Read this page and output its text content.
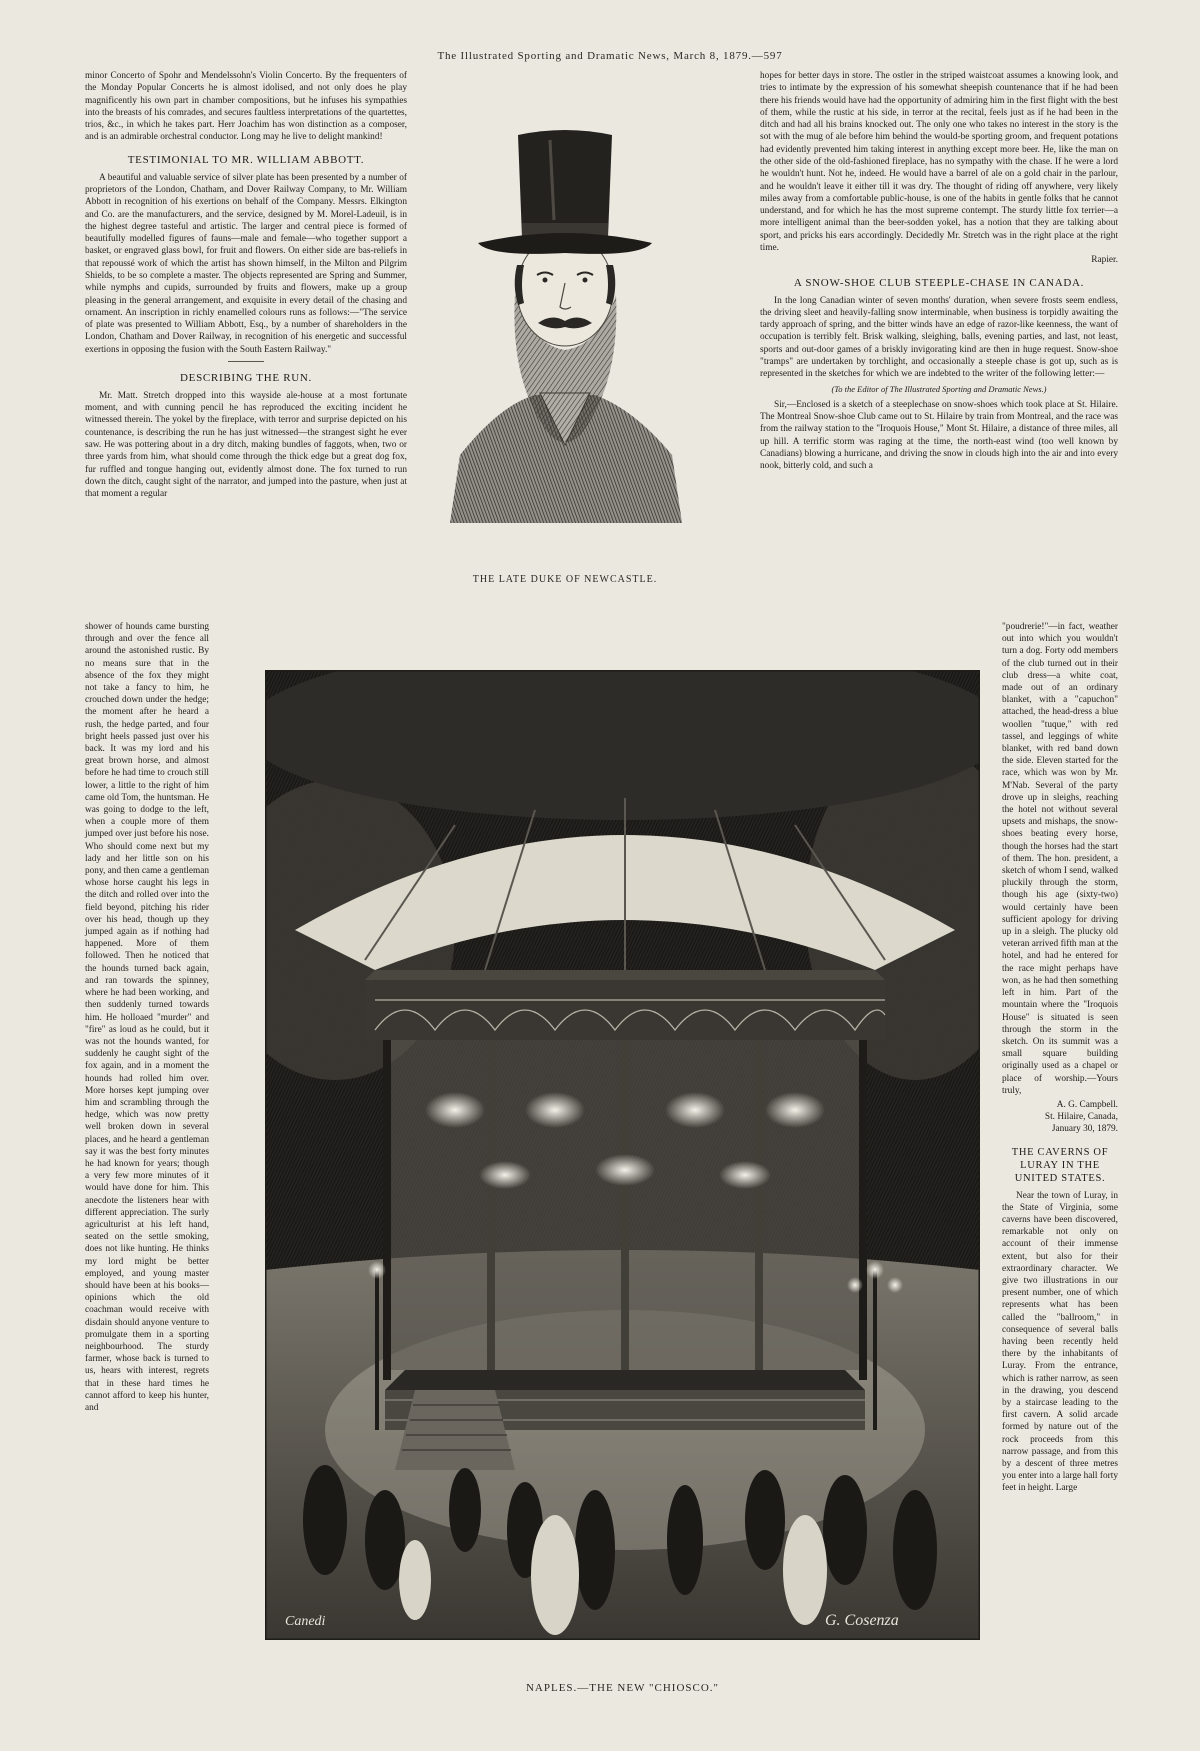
The Illustrated Sporting and Dramatic News, March 8, 1879.—597

minor Concerto of Spohr and Mendelssohn's Violin Concerto. By the frequenters of the Monday Popular Concerts he is almost idolised, and not only does he play magnificently his own part in chamber compositions, but he infuses his sympathies into the breasts of his comrades, and secures faultless interpretations of the quartettes, trios, &c., in which he takes part. Herr Joachim has won distinction as a composer, and is an admirable orchestral conductor. Long may he live to delight mankind!

TESTIMONIAL TO MR. WILLIAM ABBOTT.

A beautiful and valuable service of silver plate has been presented by a number of proprietors of the London, Chatham, and Dover Railway Company, to Mr. William Abbott in recognition of his exertions on behalf of the Company. Messrs. Elkington and Co. are the manufacturers, and the service, designed by M. Morel-Ladeuil, is in the highest degree tasteful and artistic. The larger and central piece is formed of beautifully modelled figures of fauns—male and female—who together support a basket, or engraved glass bowl, for fruit and flowers. On either side are bas-reliefs in that repoussé work of which the artist has shown himself, in the Milton and Pilgrim Shields, to be so complete a master. The objects represented are Spring and Summer, while nymphs and cupids, surrounded by fruits and flowers, make up a group pleasing in the general arrangement, and exquisite in every detail of the chasing and ornament. An inscription in richly enamelled colours runs as follows:—"The service of plate was presented to William Abbott, Esq., by a number of shareholders in the London, Chatham and Dover Railway, in recognition of his energetic and successful exertions in opposing the fusion with the South Eastern Railway."

DESCRIBING THE RUN.

Mr. Matt. Stretch dropped into this wayside ale-house at a most fortunate moment, and with cunning pencil he has reproduced the exciting incident he witnessed therein. The yokel by the fireplace, with terror and surprise depicted on his countenance, is describing the run he has just witnessed—the strangest sight he ever saw. He was pottering about in a dry ditch, making bundles of faggots, when, two or three yards from him, what should come through the thick edge but a great dog fox, fur ruffled and tongue hanging out, evidently almost done. The fox turned to run down the ditch, caught sight of the narrator, and jumped into the pasture, when just at that moment a regular

shower of hounds came bursting through and over the fence all around the astonished rustic. By no means sure that in the absence of the fox they might not take a fancy to him, he crouched down under the hedge; the moment after he heard a rush, the hedge parted, and four bright heels passed just over his back. It was my lord and his great brown horse, and almost before he had time to crouch still lower, a little to the right of him came old Tom, the huntsman. He was going to dodge to the left, when a couple more of them jumped over just before his nose. Who should come next but my lady and her little son on his pony, and then came a gentleman whose horse caught his legs in the ditch and rolled over into the field beyond, pitching his rider over his head, though up they jumped again as if nothing had happened. More of them followed. Then he noticed that the hounds turned back again, and ran towards the spinney, where he had been working, and then suddenly turned towards him. He holloaed "murder" and "fire" as loud as he could, but it was not the hounds wanted, for suddenly he caught sight of the fox again, and in a moment the hounds had rolled him over. More horses kept jumping over him and scrambling through the hedge, which was now pretty well broken down in several places, and he heard a gentleman say it was the best forty minutes he had known for years; though a very few more minutes of it would have done for him. This anecdote the listeners hear with different appreciation. The surly agriculturist at his left hand, seated on the settle smoking, does not like hunting. He thinks my lord might be better employed, and young master should have been at his books—opinions which the old coachman would receive with disdain should anyone venture to promulgate them in a sporting neighbourhood. The sturdy farmer, whose back is turned to us, hears with interest, regrets that in these hard times he cannot afford to keep his hunter, and

THE LATE DUKE OF NEWCASTLE.

hopes for better days in store. The ostler in the striped waistcoat assumes a knowing look, and tries to intimate by the expression of his somewhat sheepish countenance that if he had been there his friends would have had the opportunity of admiring him in the first flight with the best of them, while the rustic at his side, in terror at the recital, feels just as if he had been in the ditch and had all his brains knocked out. The only one who takes no interest in the story is the sot with the mug of ale before him behind the would-be sporting groom, and frequent potations had evidently prevented him taking interest in anything except more beer. He, like the man on the other side of the old-fashioned fireplace, has no sympathy with the chase. If he were a lord he wouldn't hunt. Not he, indeed. He would have a barrel of ale on a gold chair in the parlour, and he wouldn't leave it either till it was dry. The thought of riding off anywhere, very likely miles away from a comfortable public-house, is one of the habits in gentle folks that he cannot understand, and for which he has the most supreme contempt. The sturdy little fox terrier—a more intelligent animal than the beer-sodden yokel, has a notion that they are talking about sport, and pricks his ears accordingly. Decidedly Mr. Stretch was in the right place at the right time.

Rapier.
A SNOW-SHOE CLUB STEEPLE-CHASE IN CANADA.

In the long Canadian winter of seven months' duration, when severe frosts seem endless, the driving sleet and heavily-falling snow interminable, when business is torpidly awaiting the tardy approach of spring, and the bitter winds have an edge of razor-like keenness, the want of occupation is terribly felt. Brisk walking, sleighing, balls, evening parties, and last, not least, sports and out-door games of a briskly invigorating kind are then in huge request. Snow-shoe "tramps" are undertaken by torchlight, and occasionally a steeple chase is got up, such as is represented in the sketches for which we are indebted to the writer of the following letter:—

(To the Editor of The Illustrated Sporting and Dramatic News.)

Sir,—Enclosed is a sketch of a steeplechase on snow-shoes which took place at St. Hilaire. The Montreal Snow-shoe Club came out to St. Hilaire by train from Montreal, and the race was from the railway station to the "Iroquois House," Mont St. Hilaire, a distance of three miles, all up hill. A terrific storm was raging at the time, the north-east wind (too well known by Canadians) blowing a hurricane, and driving the snow in clouds high into the air and into every nook, bitterly cold, and such a

"poudrerie!"—in fact, weather out into which you wouldn't turn a dog. Forty odd members of the club turned out in their club dress—a white coat, made out of an ordinary blanket, with a "capuchon" attached, the head-dress a blue woollen "tuque," with red tassel, and leggings of white blanket, with red band down the side. Eleven started for the race, which was won by Mr. M'Nab. Several of the party drove up in sleighs, reaching the hotel not without several upsets and mishaps, the snow-shoes beating every horse, though the horses had the start of them. The hon. president, a sketch of whom I send, walked pluckily through the storm, though his age (sixty-two) would certainly have been sufficient apology for driving up in a sleigh. The plucky old veteran arrived fifth man at the hotel, and had he entered for the race might perhaps have won, as he had then something left in him. Part of the mountain where the "Iroquois House" is situated is seen through the storm in the sketch. On its summit was a small square building originally used as a chapel or place of worship.—Yours truly,

A. G. Campbell.
St. Hilaire, Canada,
January 30, 1879.
THE CAVERNS OF LURAY IN THE UNITED STATES.

Near the town of Luray, in the State of Virginia, some caverns have been discovered, remarkable not only on account of their immense extent, but also for their extraordinary character. We give two illustrations in our present number, one of which represents what has been called the "ballroom," in consequence of several balls having been recently held there by the inhabitants of Luray. From the entrance, which is rather narrow, as seen in the drawing, you descend by a staircase leading to the first cavern. A solid arcade formed by nature out of the rock proceeds from this narrow passage, and from this by a descent of three metres you enter into a large hall forty feet in height. Large

Canedi	G. Cosenza
NAPLES.—THE NEW "CHIOSCO."
